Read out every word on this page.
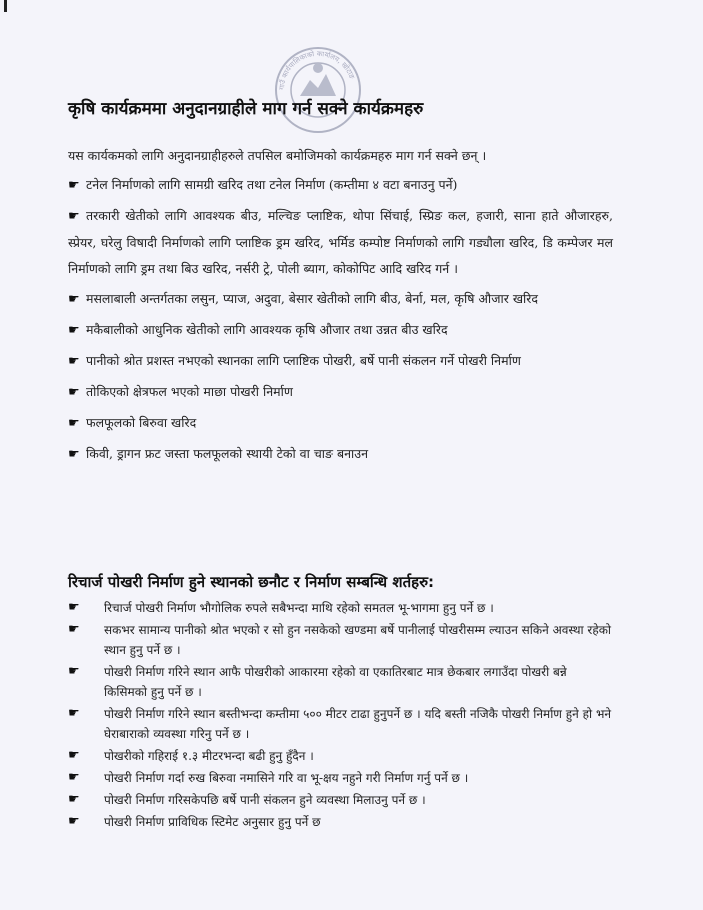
गाउँ कार्यपालिकाको कार्यालय, खोटाङ
कृषि कार्यक्रममा अनुदानग्राहीले माग गर्न सक्ने कार्यक्रमहरु
यस कार्यकमको लागि अनुदानग्राहीहरुले तपसिल बमोजिमको कार्यक्रमहरु माग गर्न सक्ने छन् ।
☛ टनेल निर्माणको लागि सामग्री खरिद तथा टनेल निर्माण (कम्तीमा ४ वटा बनाउनु पर्ने)
☛ तरकारी खेतीको लागि आवश्यक बीउ, मल्चिङ प्लाष्टिक, थोपा सिंचाई, स्प्रिङ कल, हजारी, साना हाते औजारहरु, स्प्रेयर, घरेलु विषादी निर्माणको लागि प्लाष्टिक ड्रम खरिद, भर्मिड कम्पोष्ट निर्माणको लागि गड्यौला खरिद, डि कम्पेजर मल निर्माणको लागि ड्रम तथा बिउ खरिद, नर्सरी ट्रे, पोली ब्याग, कोकोपिट आदि खरिद गर्न ।
☛ मसलाबाली अन्तर्गतका लसुन, प्याज, अदुवा, बेसार खेतीको लागि बीउ, बेर्ना, मल, कृषि औजार खरिद
☛ मकैबालीको आधुनिक खेतीको लागि आवश्यक कृषि औजार तथा उन्नत बीउ खरिद
☛ पानीको श्रोत प्रशस्त नभएको स्थानका लागि प्लाष्टिक पोखरी, बर्षे पानी संकलन गर्ने पोखरी निर्माण
☛ तोकिएको क्षेत्रफल भएको माछा पोखरी निर्माण
☛ फलफूलको बिरुवा खरिद
☛ किवी, ड्रागन फ्रट जस्ता फलफूलको स्थायी टेको वा चाङ बनाउन
रिचार्ज पोखरी निर्माण हुने स्थानको छनौट र निर्माण सम्बन्धि शर्तहरु:
☛	रिचार्ज पोखरी निर्माण भौगोलिक रुपले सबैभन्दा माथि रहेको समतल भू-भागमा हुनु पर्ने छ ।
☛	सकभर सामान्य पानीको श्रोत भएको र सो हुन नसकेको खण्डमा बर्षे पानीलाई पोखरीसम्म ल्याउन सकिने अवस्था रहेको स्थान हुनु पर्ने छ ।
☛	पोखरी निर्माण गरिने स्थान आफै पोखरीको आकारमा रहेको वा एकातिरबाट मात्र छेकबार लगाउँदा पोखरी बन्ने किसिमको हुनु पर्ने छ ।
☛	पोखरी निर्माण गरिने स्थान बस्तीभन्दा कम्तीमा ५०० मीटर टाढा हुनुपर्ने छ । यदि बस्ती नजिकै पोखरी निर्माण हुने हो भने घेराबाराको व्यवस्था गरिनु पर्ने छ ।
☛	पोखरीको गहिराई १.३ मीटरभन्दा बढी हुनु हुँदैन ।
☛	पोखरी निर्माण गर्दा रुख बिरुवा नमासिने गरि वा भू-क्षय नहुने गरी निर्माण गर्नु पर्ने छ ।
☛	पोखरी निर्माण गरिसकेपछि बर्षे पानी संकलन हुने व्यवस्था मिलाउनु पर्ने छ ।
☛	पोखरी निर्माण प्राविधिक स्टिमेट अनुसार हुनु पर्ने छ
